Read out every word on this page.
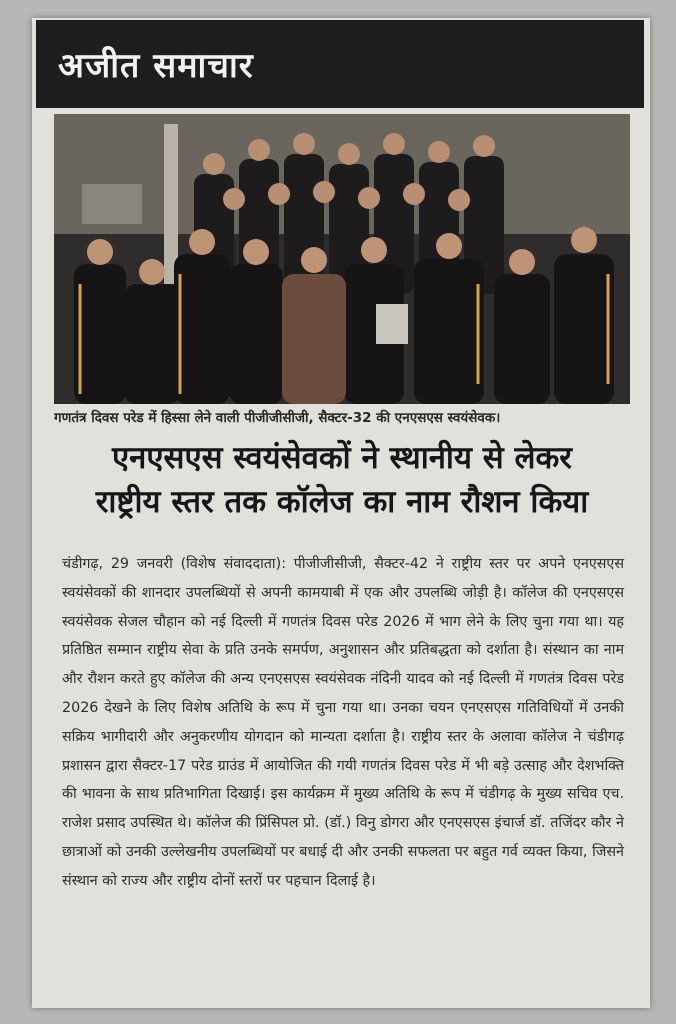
अजीत समाचार
गणतंत्र दिवस परेड में हिस्सा लेने वाली पीजीजीसीजी, सैक्टर-32 की एनएसएस स्वयंसेवक।
एनएसएस स्वयंसेवकों ने स्थानीय से लेकर
राष्ट्रीय स्तर तक कॉलेज का नाम रौशन किया
चंडीगढ़, 29 जनवरी (विशेष संवाददाता): पीजीजीसीजी, सैक्टर-42 ने राष्ट्रीय स्तर पर अपने एनएसएस स्वयंसेवकों की शानदार उपलब्धियों से अपनी कामयाबी में एक और उपलब्धि जोड़ी है। कॉलेज की एनएसएस स्वयंसेवक सेजल चौहान को नई दिल्ली में गणतंत्र दिवस परेड 2026 में भाग लेने के लिए चुना गया था। यह प्रतिष्ठित सम्मान राष्ट्रीय सेवा के प्रति उनके समर्पण, अनुशासन और प्रतिबद्धता को दर्शाता है। संस्थान का नाम और रौशन करते हुए कॉलेज की अन्य एनएसएस स्वयंसेवक नंदिनी यादव को नई दिल्ली में गणतंत्र दिवस परेड 2026 देखने के लिए विशेष अतिथि के रूप में चुना गया था। उनका चयन एनएसएस गतिविधियों में उनकी सक्रिय भागीदारी और अनुकरणीय योगदान को मान्यता दर्शाता है। राष्ट्रीय स्तर के अलावा कॉलेज ने चंडीगढ़ प्रशासन द्वारा सैक्टर-17 परेड ग्राउंड में आयोजित की गयी गणतंत्र दिवस परेड में भी बड़े उत्साह और देशभक्ति की भावना के साथ प्रतिभागिता दिखाई। इस कार्यक्रम में मुख्य अतिथि के रूप में चंडीगढ़ के मुख्य सचिव एच. राजेश प्रसाद उपस्थित थे। कॉलेज की प्रिंसिपल प्रो. (डॉ.) विनु डोगरा और एनएसएस इंचार्ज डॉ. तजिंदर कौर ने छात्राओं को उनकी उल्लेखनीय उपलब्धियों पर बधाई दी और उनकी सफलता पर बहुत गर्व व्यक्त किया, जिसने संस्थान को राज्य और राष्ट्रीय दोनों स्तरों पर पहचान दिलाई है।
